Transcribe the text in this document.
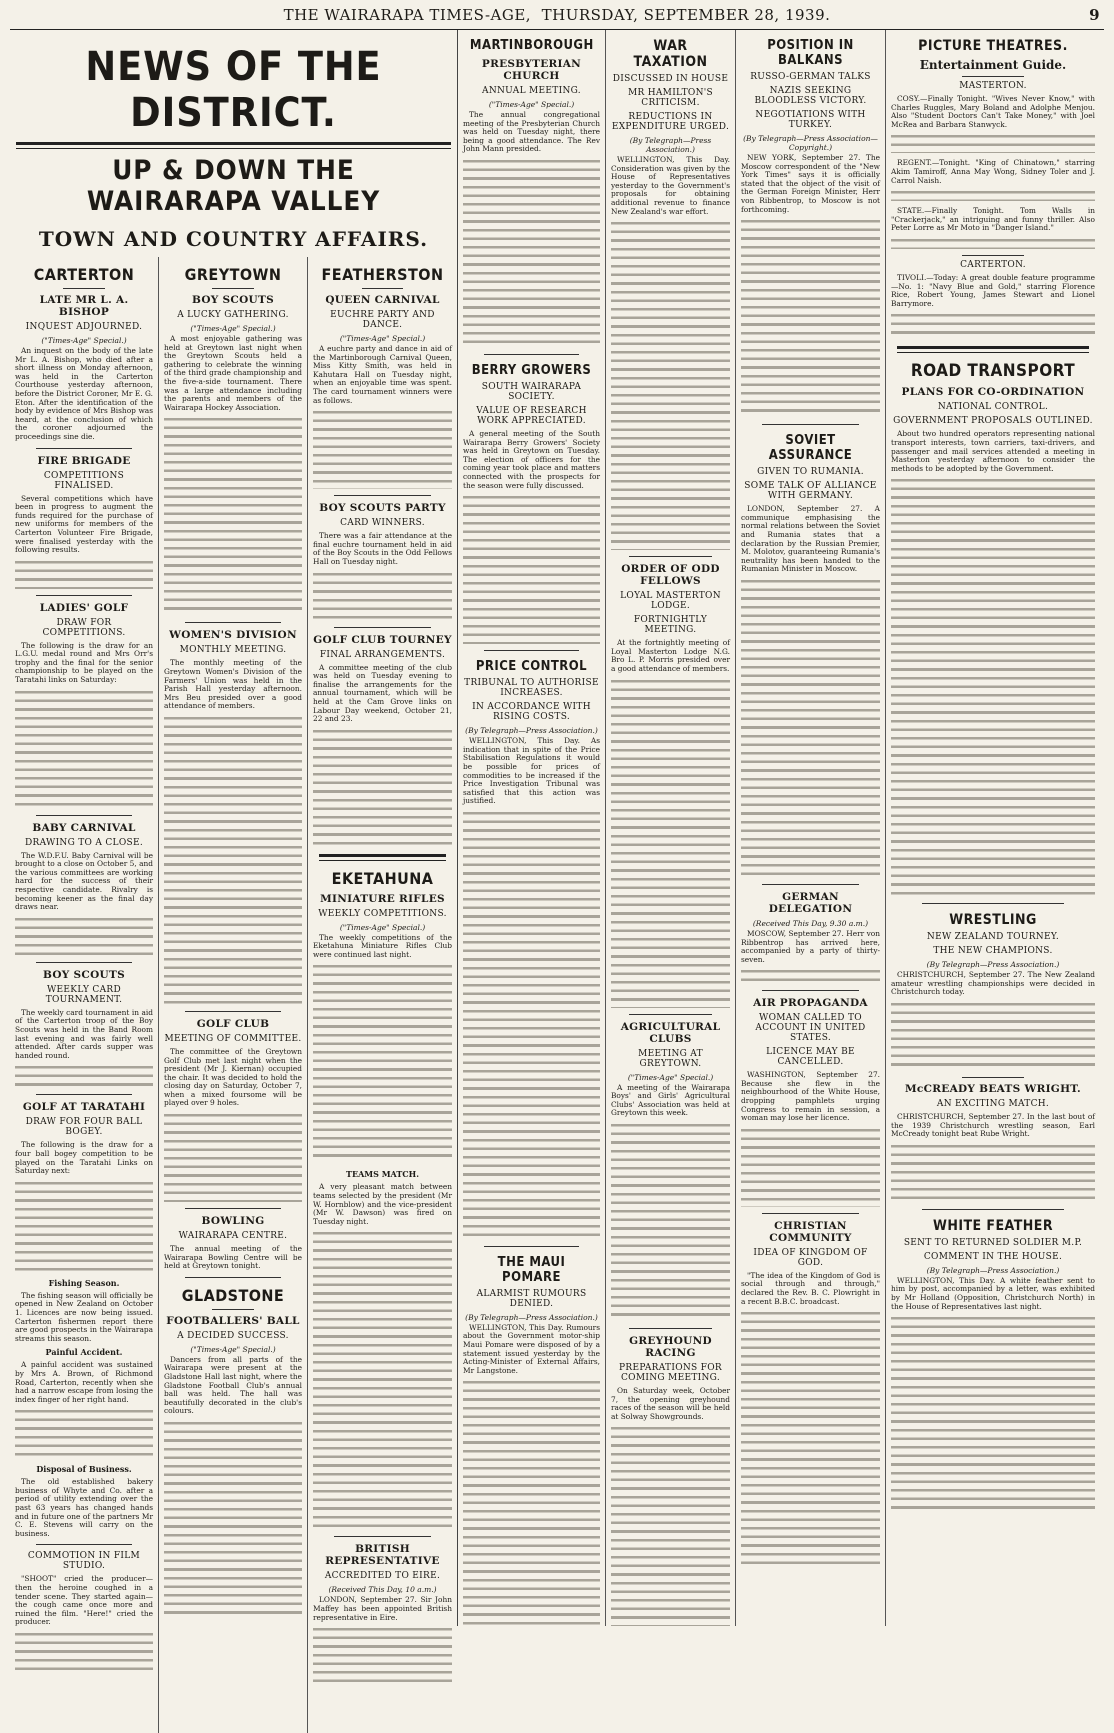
THE WAIRARAPA TIMES-AGE,
THURSDAY, SEPTEMBER 28, 1939.	9
NEWS OF THE DISTRICT.
UP & DOWN THE WAIRARAPA VALLEY
TOWN AND COUNTRY AFFAIRS.
CARTERTON
LATE MR L. A. BISHOP
INQUEST ADJOURNED.
("Times-Age" Special.)

An inquest on the body of the late Mr L. A. Bishop, who died after a short illness on Monday afternoon, was held in the Carterton Courthouse yesterday afternoon, before the District Coroner, Mr E. G. Eton. After the identification of the body by evidence of Mrs Bishop was heard, at the conclusion of which the coroner adjourned the proceedings sine die.

FIRE BRIGADE
COMPETITIONS FINALISED.

Several competitions which have been in progress to augment the funds required for the purchase of new uniforms for members of the Carterton Volunteer Fire Brigade, were finalised yesterday with the following results.

LADIES' GOLF
DRAW FOR COMPETITIONS.

The following is the draw for an L.G.U. medal round and Mrs Orr's trophy and the final for the senior championship to be played on the Taratahi links on Saturday:

BABY CARNIVAL
DRAWING TO A CLOSE.

The W.D.F.U. Baby Carnival will be brought to a close on October 5, and the various committees are working hard for the success of their respective candidate. Rivalry is becoming keener as the final day draws near.

BOY SCOUTS
WEEKLY CARD TOURNAMENT.

The weekly card tournament in aid of the Carterton troop of the Boy Scouts was held in the Band Room last evening and was fairly well attended. After cards supper was handed round.

GOLF AT TARATAHI
DRAW FOR FOUR BALL BOGEY.

The following is the draw for a four ball bogey competition to be played on the Taratahi Links on Saturday next:

Fishing Season.

The fishing season will officially be opened in New Zealand on October 1. Licences are now being issued. Carterton fishermen report there are good prospects in the Wairarapa streams this season.

Painful Accident.

A painful accident was sustained by Mrs A. Brown, of Richmond Road, Carterton, recently when she had a narrow escape from losing the index finger of her right hand.

Disposal of Business.

The old established bakery business of Whyte and Co. after a period of utility extending over the past 63 years has changed hands and in future one of the partners Mr C. E. Stevens will carry on the business.

COMMOTION IN FILM STUDIO.

"SHOOT" cried the producer—then the heroine coughed in a tender scene. They started again—the cough came once more and ruined the film. "Here!" cried the producer.

GREYTOWN
BOY SCOUTS
A LUCKY GATHERING.
("Times-Age" Special.)

A most enjoyable gathering was held at Greytown last night when the Greytown Scouts held a gathering to celebrate the winning of the third grade championship and the five-a-side tournament. There was a large attendance including the parents and members of the Wairarapa Hockey Association.

WOMEN'S DIVISION
MONTHLY MEETING.

The monthly meeting of the Greytown Women's Division of the Farmers' Union was held in the Parish Hall yesterday afternoon. Mrs Beu presided over a good attendance of members.

GOLF CLUB
MEETING OF COMMITTEE.

The committee of the Greytown Golf Club met last night when the president (Mr J. Kiernan) occupied the chair. It was decided to hold the closing day on Saturday, October 7, when a mixed foursome will be played over 9 holes.

BOWLING
WAIRARAPA CENTRE.

The annual meeting of the Wairarapa Bowling Centre will be held at Greytown tonight.

GLADSTONE
FOOTBALLERS' BALL
A DECIDED SUCCESS.
("Times-Age" Special.)

Dancers from all parts of the Wairarapa were present at the Gladstone Hall last night, where the Gladstone Football Club's annual ball was held. The hall was beautifully decorated in the club's colours.

FEATHERSTON
QUEEN CARNIVAL
EUCHRE PARTY AND DANCE.
("Times-Age" Special.)

A euchre party and dance in aid of the Martinborough Carnival Queen, Miss Kitty Smith, was held in Kahutara Hall on Tuesday night, when an enjoyable time was spent. The card tournament winners were as follows.

BOY SCOUTS PARTY
CARD WINNERS.

There was a fair attendance at the final euchre tournament held in aid of the Boy Scouts in the Odd Fellows Hall on Tuesday night.

GOLF CLUB TOURNEY
FINAL ARRANGEMENTS.

A committee meeting of the club was held on Tuesday evening to finalise the arrangements for the annual tournament, which will be held at the Cam Grove links on Labour Day weekend, October 21, 22 and 23.

EKETAHUNA
MINIATURE RIFLES
WEEKLY COMPETITIONS.
("Times-Age" Special.)

The weekly competitions of the Eketahuna Miniature Rifles Club were continued last night.

TEAMS MATCH.

A very pleasant match between teams selected by the president (Mr W. Hornblow) and the vice-president (Mr W. Dawson) was fired on Tuesday night.

BRITISH REPRESENTATIVE
ACCREDITED TO EIRE.
(Received This Day, 10 a.m.)

LONDON, September 27. Sir John Maffey has been appointed British representative in Eire.

MARTINBOROUGH
PRESBYTERIAN CHURCH
ANNUAL MEETING.
("Times-Age" Special.)

The annual congregational meeting of the Presbyterian Church was held on Tuesday night, there being a good attendance. The Rev John Mann presided.

BERRY GROWERS
SOUTH WAIRARAPA SOCIETY.
VALUE OF RESEARCH WORK APPRECIATED.

A general meeting of the South Wairarapa Berry Growers' Society was held in Greytown on Tuesday. The election of officers for the coming year took place and matters connected with the prospects for the season were fully discussed.

PRICE CONTROL
TRIBUNAL TO AUTHORISE INCREASES.
IN ACCORDANCE WITH RISING COSTS.
(By Telegraph—Press Association.)

WELLINGTON, This Day. As indication that in spite of the Price Stabilisation Regulations it would be possible for prices of commodities to be increased if the Price Investigation Tribunal was satisfied that this action was justified.

THE MAUI POMARE
ALARMIST RUMOURS DENIED.
(By Telegraph—Press Association.)

WELLINGTON, This Day. Rumours about the Government motor-ship Maui Pomare were disposed of by a statement issued yesterday by the Acting-Minister of External Affairs, Mr Langstone.

WAR TAXATION
DISCUSSED IN HOUSE
MR HAMILTON'S CRITICISM.
REDUCTIONS IN EXPENDITURE URGED.
(By Telegraph—Press Association.)

WELLINGTON, This Day. Consideration was given by the House of Representatives yesterday to the Government's proposals for obtaining additional revenue to finance New Zealand's war effort.

ORDER OF ODD FELLOWS
LOYAL MASTERTON LODGE.
FORTNIGHTLY MEETING.

At the fortnightly meeting of Loyal Masterton Lodge N.G. Bro L. P. Morris presided over a good attendance of members.

AGRICULTURAL CLUBS
MEETING AT GREYTOWN.
("Times-Age" Special.)

A meeting of the Wairarapa Boys' and Girls' Agricultural Clubs' Association was held at Greytown this week.

GREYHOUND RACING
PREPARATIONS FOR COMING MEETING.

On Saturday week, October 7, the opening greyhound races of the season will be held at Solway Showgrounds.

POSITION IN BALKANS
RUSSO-GERMAN TALKS
NAZIS SEEKING BLOODLESS VICTORY.
NEGOTIATIONS WITH TURKEY.
(By Telegraph—Press Association—Copyright.)

NEW YORK, September 27. The Moscow correspondent of the "New York Times" says it is officially stated that the object of the visit of the German Foreign Minister, Herr von Ribbentrop, to Moscow is not forthcoming.

SOVIET ASSURANCE
GIVEN TO RUMANIA.
SOME TALK OF ALLIANCE WITH GERMANY.

LONDON, September 27. A communique emphasising the normal relations between the Soviet and Rumania states that a declaration by the Russian Premier, M. Molotov, guaranteeing Rumania's neutrality has been handed to the Rumanian Minister in Moscow.

GERMAN DELEGATION
(Received This Day, 9.30 a.m.)

MOSCOW, September 27. Herr von Ribbentrop has arrived here, accompanied by a party of thirty-seven.

AIR PROPAGANDA
WOMAN CALLED TO ACCOUNT IN UNITED STATES.
LICENCE MAY BE CANCELLED.

WASHINGTON, September 27. Because she flew in the neighbourhood of the White House, dropping pamphlets urging Congress to remain in session, a woman may lose her licence.

CHRISTIAN COMMUNITY
IDEA OF KINGDOM OF GOD.

"The idea of the Kingdom of God is social through and through," declared the Rev. B. C. Plowright in a recent B.B.C. broadcast.

PICTURE THEATRES.
Entertainment Guide.
MASTERTON.

COSY.—Finally Tonight. "Wives Never Know," with Charles Ruggles, Mary Boland and Adolphe Menjou. Also "Student Doctors Can't Take Money," with Joel McRea and Barbara Stanwyck.

REGENT.—Tonight. "King of Chinatown," starring Akim Tamiroff, Anna May Wong, Sidney Toler and J. Carrol Naish.

STATE.—Finally Tonight. Tom Walls in "Crackerjack," an intriguing and funny thriller. Also Peter Lorre as Mr Moto in "Danger Island."

CARTERTON.

TIVOLI.—Today: A great double feature programme—No. 1: "Navy Blue and Gold," starring Florence Rice, Robert Young, James Stewart and Lionel Barrymore.

ROAD TRANSPORT
PLANS FOR CO-ORDINATION
NATIONAL CONTROL.
GOVERNMENT PROPOSALS OUTLINED.

About two hundred operators representing national transport interests, town carriers, taxi-drivers, and passenger and mail services attended a meeting in Masterton yesterday afternoon to consider the methods to be adopted by the Government.

WRESTLING
NEW ZEALAND TOURNEY.
THE NEW CHAMPIONS.
(By Telegraph—Press Association.)

CHRISTCHURCH, September 27. The New Zealand amateur wrestling championships were decided in Christchurch today.

McCREADY BEATS WRIGHT.
AN EXCITING MATCH.

CHRISTCHURCH, September 27. In the last bout of the 1939 Christchurch wrestling season, Earl McCready tonight beat Rube Wright.

WHITE FEATHER
SENT TO RETURNED SOLDIER M.P.
COMMENT IN THE HOUSE.
(By Telegraph—Press Association.)

WELLINGTON, This Day. A white feather sent to him by post, accompanied by a letter, was exhibited by Mr Holland (Opposition, Christchurch North) in the House of Representatives last night.
